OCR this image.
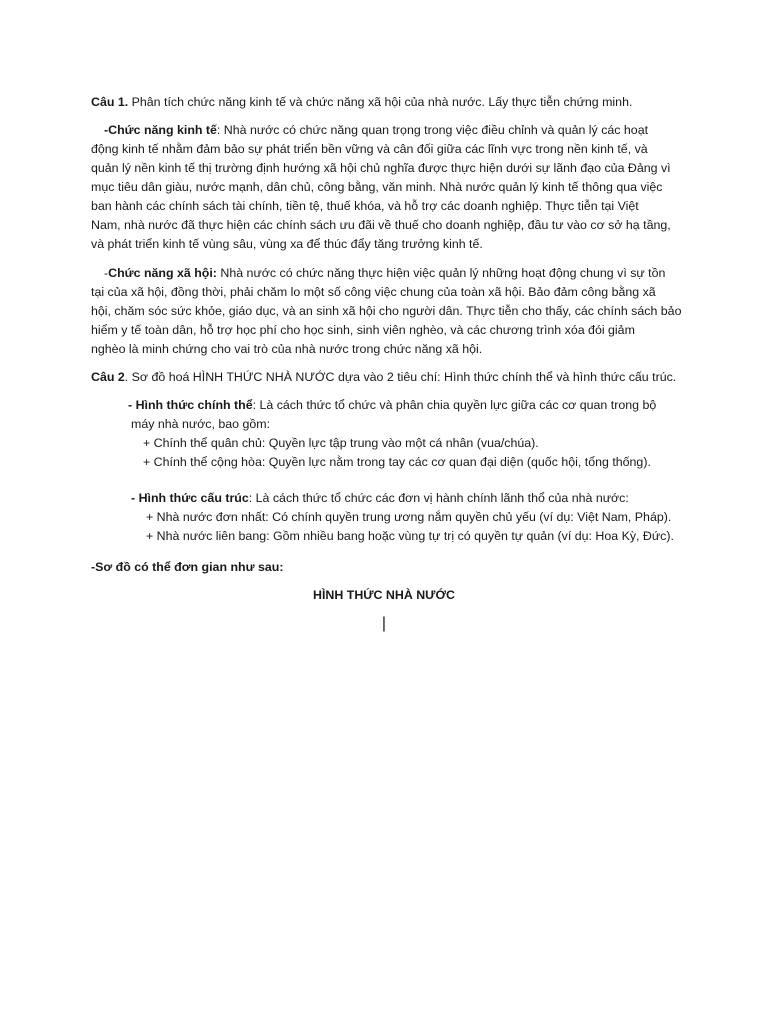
Câu 1. Phân tích chức năng kinh tế và chức năng xã hội của nhà nước. Lấy thực tiễn chứng minh.

-Chức năng kinh tế: Nhà nước có chức năng quan trọng trong việc điều chỉnh và quản lý các hoạt
động kinh tế nhằm đảm bảo sự phát triển bền vững và cân đối giữa các lĩnh vực trong nền kinh tế, và
quản lý nền kinh tế thị trường định hướng xã hội chủ nghĩa được thực hiện dưới sự lãnh đạo của Đảng vì
mục tiêu dân giàu, nước mạnh, dân chủ, công bằng, văn minh. Nhà nước quản lý kinh tế thông qua việc
ban hành các chính sách tài chính, tiền tệ, thuế khóa, và hỗ trợ các doanh nghiệp. Thực tiễn tại Việt
Nam, nhà nước đã thực hiện các chính sách ưu đãi về thuế cho doanh nghiệp, đầu tư vào cơ sở hạ tầng,
và phát triển kinh tế vùng sâu, vùng xa để thúc đẩy tăng trưởng kinh tế.
-Chức năng xã hội: Nhà nước có chức năng thực hiện việc quản lý những hoạt động chung vì sự tồn
tại của xã hội, đồng thời, phải chăm lo một số công việc chung của toàn xã hội. Bảo đảm công bằng xã
hội, chăm sóc sức khỏe, giáo dục, và an sinh xã hội cho người dân. Thực tiễn cho thấy, các chính sách bảo
hiểm y tế toàn dân, hỗ trợ học phí cho học sinh, sinh viên nghèo, và các chương trình xóa đói giảm
nghèo là minh chứng cho vai trò của nhà nước trong chức năng xã hội.

Câu 2. Sơ đồ hoá HÌNH THỨC NHÀ NƯỚC dựa vào 2 tiêu chí: Hình thức chính thể và hình thức cấu trúc.

- Hình thức chính thể: Là cách thức tổ chức và phân chia quyền lực giữa các cơ quan trong bộ
máy nhà nước, bao gồm:
+ Chính thể quân chủ: Quyền lực tập trung vào một cá nhân (vua/chúa).
+ Chính thể cộng hòa: Quyền lực nằm trong tay các cơ quan đại diện (quốc hội, tổng thống).
- Hình thức cấu trúc: Là cách thức tổ chức các đơn vị hành chính lãnh thổ của nhà nước:
+ Nhà nước đơn nhất: Có chính quyền trung ương nắm quyền chủ yếu (ví dụ: Việt Nam, Pháp).
+ Nhà nước liên bang: Gồm nhiều bang hoặc vùng tự trị có quyền tự quản (ví dụ: Hoa Kỳ, Đức).

-Sơ đồ có thể đơn gian như sau:

HÌNH THỨC NHÀ NƯỚC

|
